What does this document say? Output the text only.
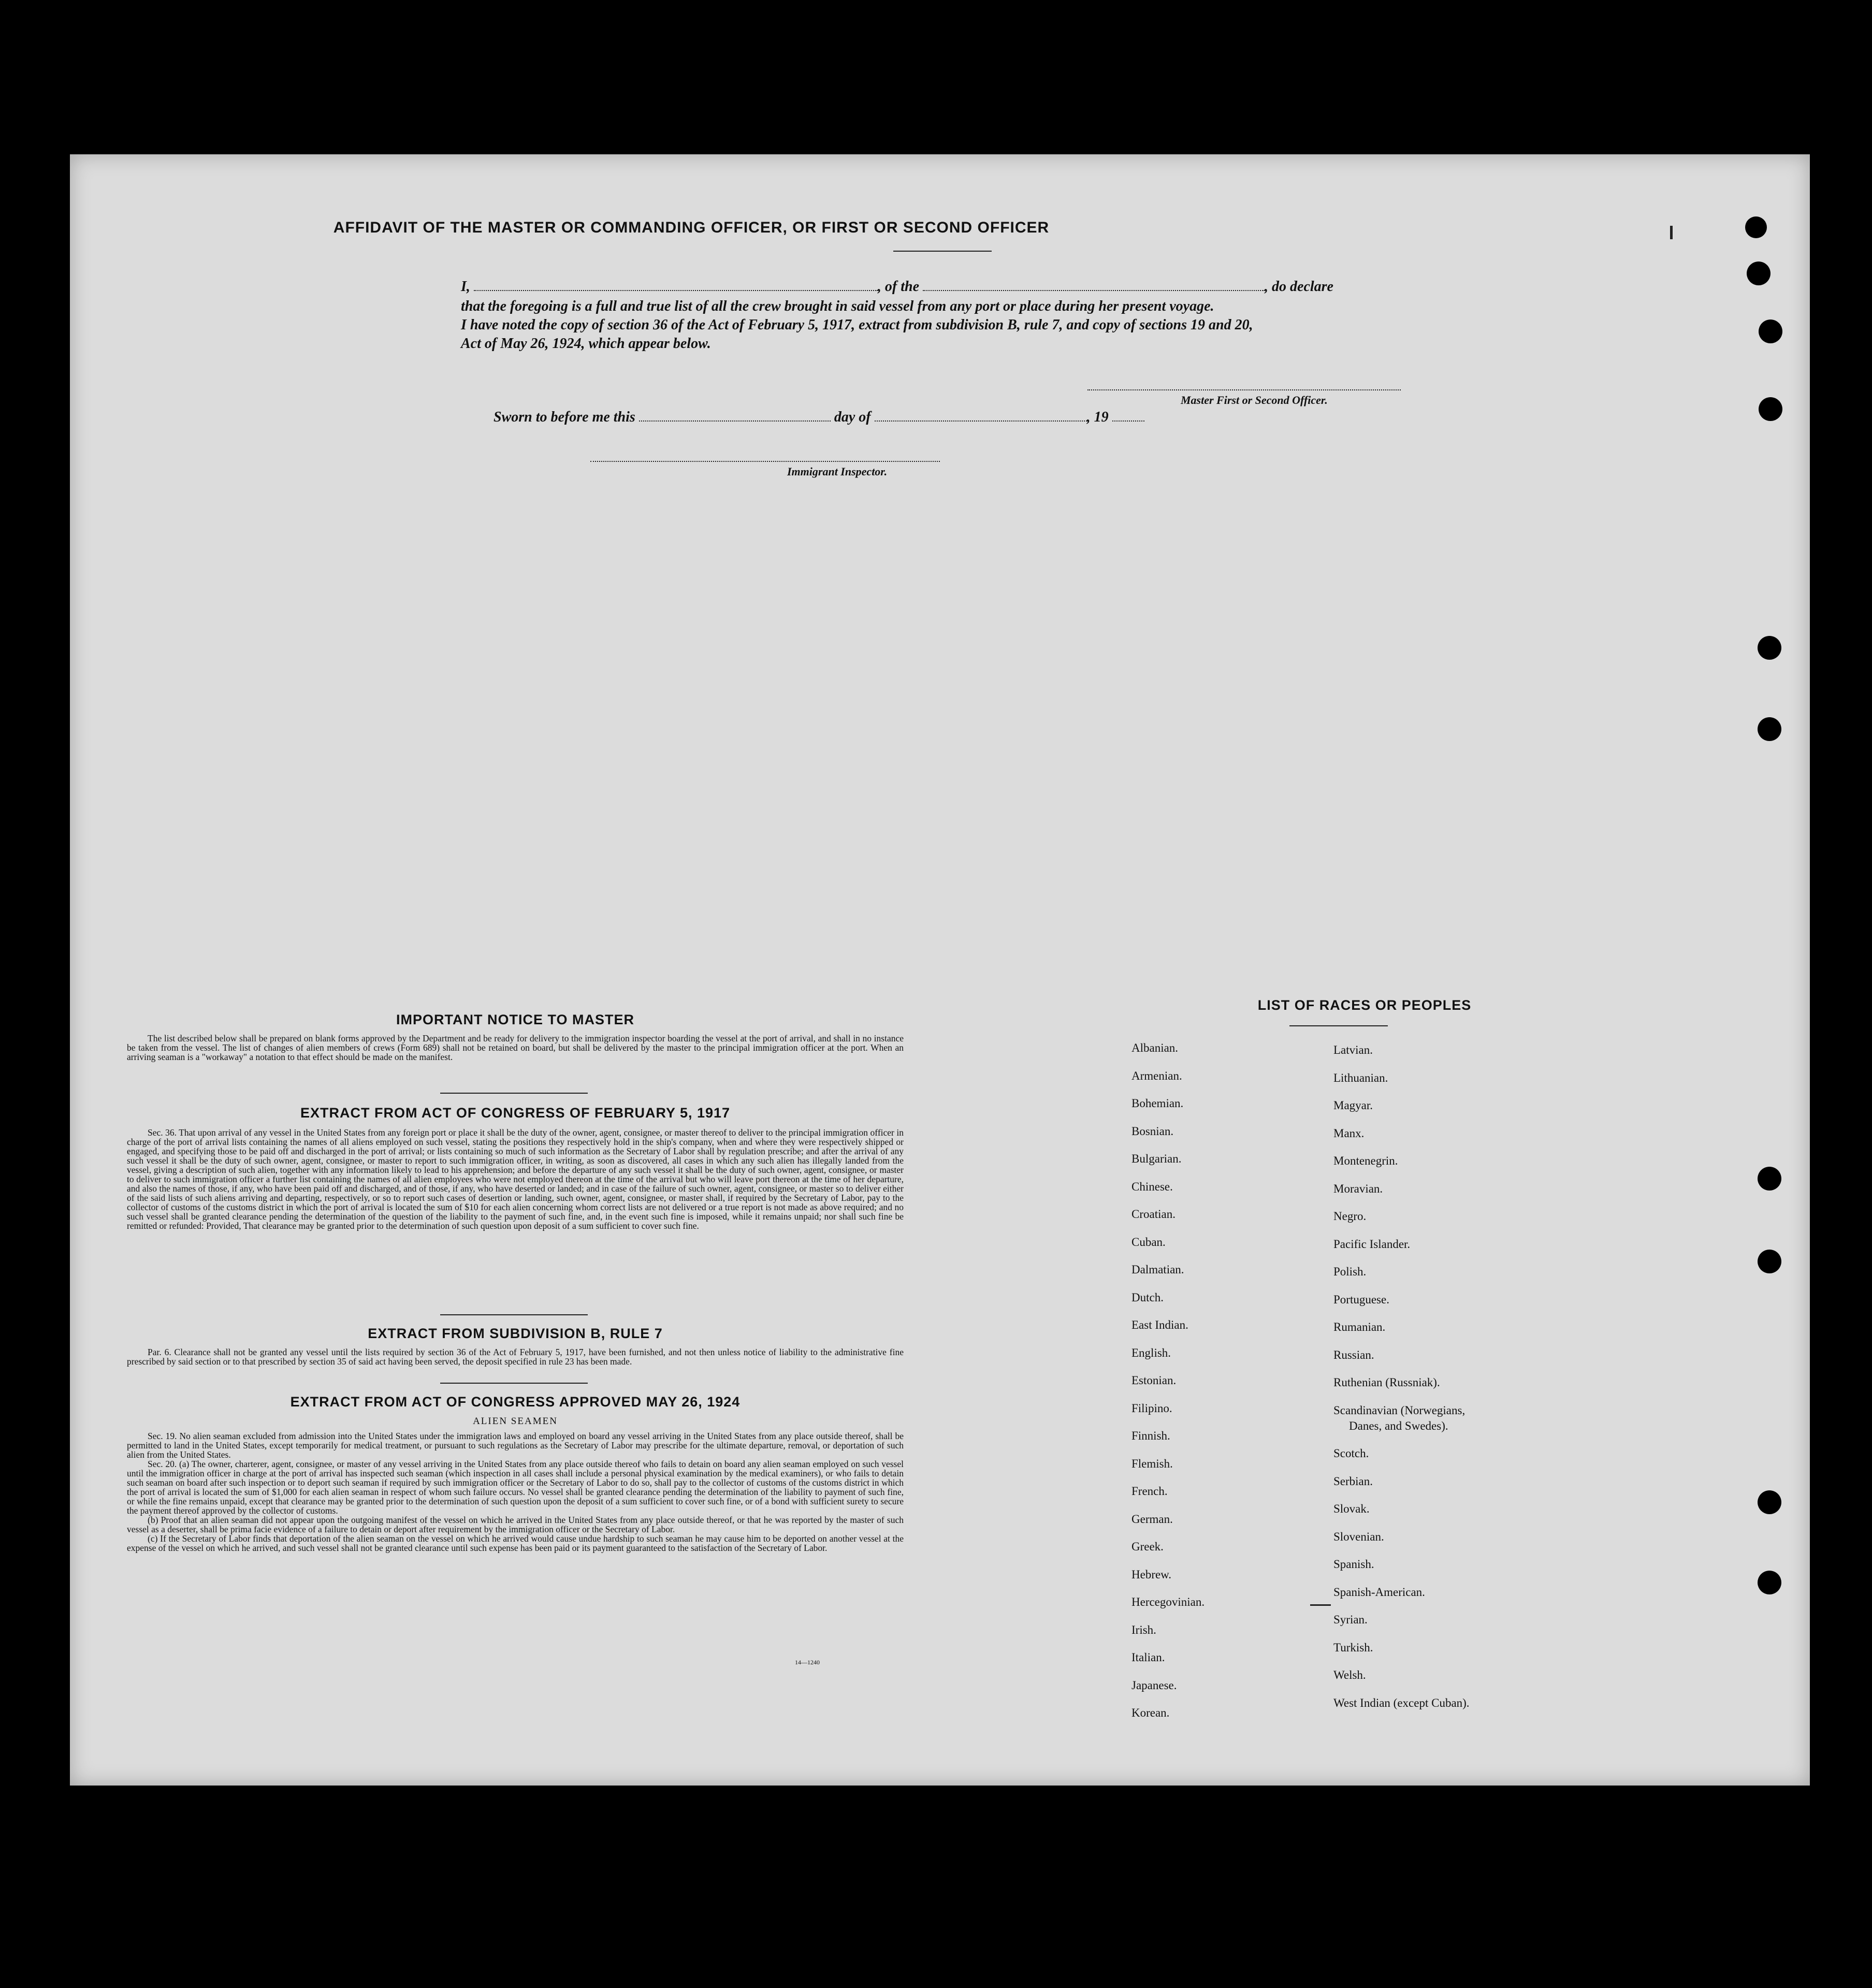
AFFIDAVIT OF THE MASTER OR COMMANDING OFFICER, OR FIRST OR SECOND OFFICER
I,	, of the	, do declare
that the foregoing is a full and true list of all the crew brought in said vessel from any port or place during her present voyage.
I have noted the copy of section 36 of the Act of February 5, 1917, extract from subdivision B, rule 7, and copy of sections 19 and 20,
Act of May 26, 1924, which appear below.
Master First or Second Officer.
Sworn to before me this	day of	, 19
Immigrant Inspector.
IMPORTANT NOTICE TO MASTER

The list described below shall be prepared on blank forms approved by the Department and be ready for delivery to the immigration inspector boarding the vessel at the port of arrival, and shall in no instance be taken from the vessel. The list of changes of alien members of crews (Form 689) shall not be retained on board, but shall be delivered by the master to the principal immigration officer at the port. When an arriving seaman is a "workaway" a notation to that effect should be made on the manifest.

EXTRACT FROM ACT OF CONGRESS OF FEBRUARY 5, 1917

Sec. 36. That upon arrival of any vessel in the United States from any foreign port or place it shall be the duty of the owner, agent, consignee, or master thereof to deliver to the principal immigration officer in charge of the port of arrival lists containing the names of all aliens employed on such vessel, stating the positions they respectively hold in the ship's company, when and where they were respectively shipped or engaged, and specifying those to be paid off and discharged in the port of arrival; or lists containing so much of such information as the Secretary of Labor shall by regulation prescribe; and after the arrival of any such vessel it shall be the duty of such owner, agent, consignee, or master to report to such immigration officer, in writing, as soon as discovered, all cases in which any such alien has illegally landed from the vessel, giving a description of such alien, together with any information likely to lead to his apprehension; and before the departure of any such vessel it shall be the duty of such owner, agent, consignee, or master to deliver to such immigration officer a further list containing the names of all alien employees who were not employed thereon at the time of the arrival but who will leave port thereon at the time of her departure, and also the names of those, if any, who have been paid off and discharged, and of those, if any, who have deserted or landed; and in case of the failure of such owner, agent, consignee, or master so to deliver either of the said lists of such aliens arriving and departing, respectively, or so to report such cases of desertion or landing, such owner, agent, consignee, or master shall, if required by the Secretary of Labor, pay to the collector of customs of the customs district in which the port of arrival is located the sum of $10 for each alien concerning whom correct lists are not delivered or a true report is not made as above required; and no such vessel shall be granted clearance pending the determination of the question of the liability to the payment of such fine, and, in the event such fine is imposed, while it remains unpaid; nor shall such fine be remitted or refunded: Provided, That clearance may be granted prior to the determination of such question upon deposit of a sum sufficient to cover such fine.

EXTRACT FROM SUBDIVISION B, RULE 7

Par. 6. Clearance shall not be granted any vessel until the lists required by section 36 of the Act of February 5, 1917, have been furnished, and not then unless notice of liability to the administrative fine prescribed by said section or to that prescribed by section 35 of said act having been served, the deposit specified in rule 23 has been made.

EXTRACT FROM ACT OF CONGRESS APPROVED MAY 26, 1924
ALIEN SEAMEN

Sec. 19. No alien seaman excluded from admission into the United States under the immigration laws and employed on board any vessel arriving in the United States from any place outside thereof, shall be permitted to land in the United States, except temporarily for medical treatment, or pursuant to such regulations as the Secretary of Labor may prescribe for the ultimate departure, removal, or deportation of such alien from the United States.

Sec. 20. (a) The owner, charterer, agent, consignee, or master of any vessel arriving in the United States from any place outside thereof who fails to detain on board any alien seaman employed on such vessel until the immigration officer in charge at the port of arrival has inspected such seaman (which inspection in all cases shall include a personal physical examination by the medical examiners), or who fails to detain such seaman on board after such inspection or to deport such seaman if required by such immigration officer or the Secretary of Labor to do so, shall pay to the collector of customs of the customs district in which the port of arrival is located the sum of $1,000 for each alien seaman in respect of whom such failure occurs. No vessel shall be granted clearance pending the determination of the liability to payment of such fine, or while the fine remains unpaid, except that clearance may be granted prior to the determination of such question upon the deposit of a sum sufficient to cover such fine, or of a bond with sufficient surety to secure the payment thereof approved by the collector of customs.

(b) Proof that an alien seaman did not appear upon the outgoing manifest of the vessel on which he arrived in the United States from any place outside thereof, or that he was reported by the master of such vessel as a deserter, shall be prima facie evidence of a failure to detain or deport after requirement by the immigration officer or the Secretary of Labor.

(c) If the Secretary of Labor finds that deportation of the alien seaman on the vessel on which he arrived would cause undue hardship to such seaman he may cause him to be deported on another vessel at the expense of the vessel on which he arrived, and such vessel shall not be granted clearance until such expense has been paid or its payment guaranteed to the satisfaction of the Secretary of Labor.

14—1240
LIST OF RACES OR PEOPLES
Albanian.
Armenian.
Bohemian.
Bosnian.
Bulgarian.
Chinese.
Croatian.
Cuban.
Dalmatian.
Dutch.
East Indian.
English.
Estonian.
Filipino.
Finnish.
Flemish.
French.
German.
Greek.
Hebrew.
Hercegovinian.
Irish.
Italian.
Japanese.
Korean.
Latvian.
Lithuanian.
Magyar.
Manx.
Montenegrin.
Moravian.
Negro.
Pacific Islander.
Polish.
Portuguese.
Rumanian.
Russian.
Ruthenian (Russniak).
Scandinavian (Norwegians,
Danes, and Swedes).
Scotch.
Serbian.
Slovak.
Slovenian.
Spanish.
Spanish-American.
Syrian.
Turkish.
Welsh.
West Indian (except Cuban).
